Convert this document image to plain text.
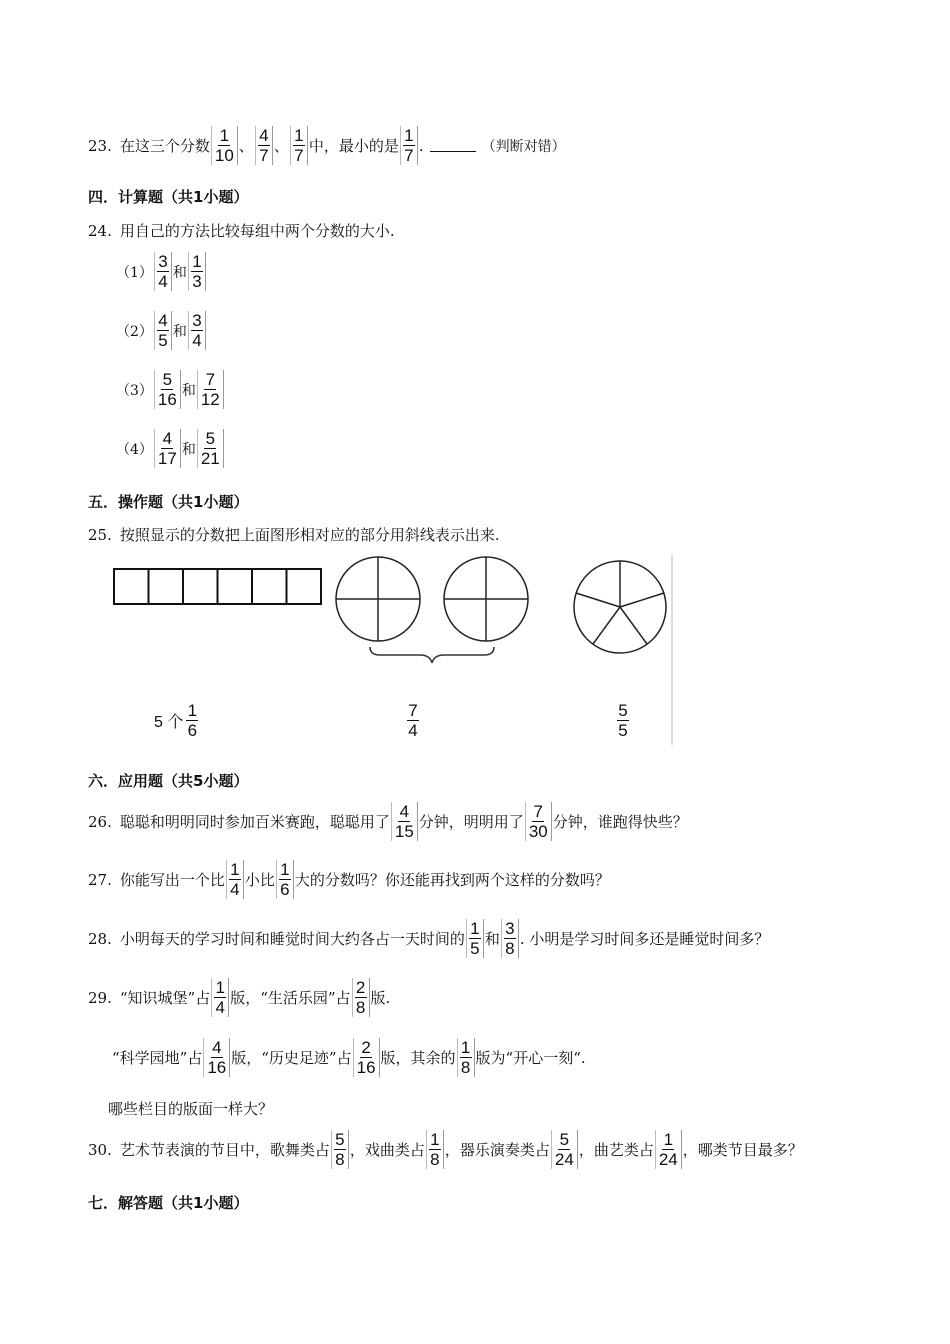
23. 在这三个分数 $\frac{1}{10}$ 、 $\frac{4}{7}$ 、 $\frac{1}{7}$ 中，最小的是 $\frac{1}{7}$ .	（判断对错）
四．计算题（共1小题）
24. 用自己的方法比较每组中两个分数的大小.
$(1) \frac{3}{4}$ 和 $\frac{1}{3}$
$(2) \frac{4}{5}$ 和 $\frac{3}{4}$
$(3) \frac{5}{16}$ 和 $\frac{7}{12}$
$(4) \frac{4}{17}$ 和 $\frac{5}{21}$
五．操作题（共1小题）
25. 按照显示的分数把上面图形相对应的部分用斜线表示出来.
5 个 $\frac{1}{6}$	$\frac{7}{4}$	$\frac{5}{5}$
六．应用题（共5小题）
26. 聪聪和明明同时参加百米赛跑，聪聪用了 $\frac{4}{15}$ 分钟，明明用了 $\frac{7}{30}$ 分钟，谁跑得快些？
27. 你能写出一个比 $\frac{1}{4}$ 小比 $\frac{1}{6}$ 大的分数吗？你还能再找到两个这样的分数吗？
28. 小明每天的学习时间和睡觉时间大约各占一天时间的 $\frac{1}{5}$ 和 $\frac{3}{8}$ . 小明是学习时间多还是睡觉时间多？
29. “知识城堡”占 $\frac{1}{4}$ 版，“生活乐园”占 $\frac{2}{8}$ 版.
“科学园地”占 $\frac{4}{16}$ 版，“历史足迹”占 $\frac{2}{16}$ 版，其余的 $\frac{1}{8}$ 版为“开心一刻“.
哪些栏目的版面一样大？
30. 艺术节表演的节目中，歌舞类占 $\frac{5}{8}$ ，戏曲类占 $\frac{1}{8}$ ，器乐演奏类占 $\frac{5}{24}$ ，曲艺类占 $\frac{1}{24}$ ，哪类节目最多？
七．解答题（共1小题）
